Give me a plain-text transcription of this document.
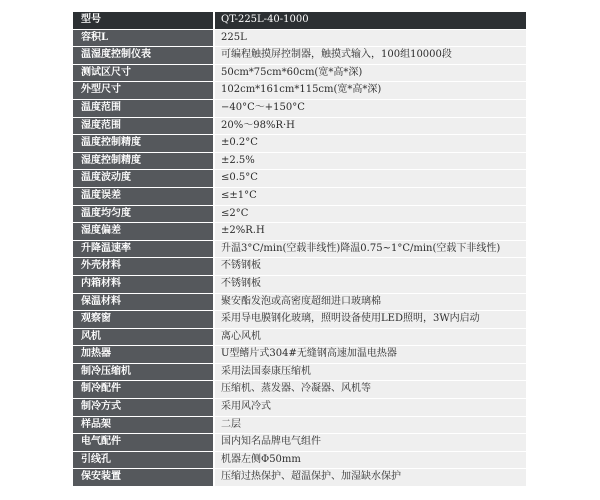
型号	QT-225L-40-1000
容积L	225L
温湿度控制仪表	可编程触摸屏控制器，触摸式输入，100组10000段
测试区尺寸	50cm*75cm*60cm(宽*高*深)
外型尺寸	102cm*161cm*115cm(宽*高*深)
温度范围	−40°C〜+150°C
湿度范围	20%〜98%R·H
温度控制精度	±0.2°C
湿度控制精度	±2.5%
温度波动度	≤0.5°C
温度误差	≤±1°C
温度均匀度	≤2°C
湿度偏差	±2%R.H
升降温速率	升温3°C/min(空载非线性)降温0.75~1°C/min(空载下非线性)
外壳材料	不锈钢板
内箱材料	不锈钢板
保温材料	聚安酯发泡或高密度超细进口玻璃棉
观察窗	采用导电膜钢化玻璃，照明设备使用LED照明，3W内启动
风机	离心风机
加热器	U型鳍片式304#无缝钢高速加温电热器
制冷压缩机	采用法国泰康压缩机
制冷配件	压缩机、蒸发器、冷凝器、风机等
制冷方式	采用风冷式
样品架	二层
电气配件	国内知名品牌电气组件
引线孔	机器左侧Φ50mm
保安装置	压缩过热保护、超温保护、加湿缺水保护
